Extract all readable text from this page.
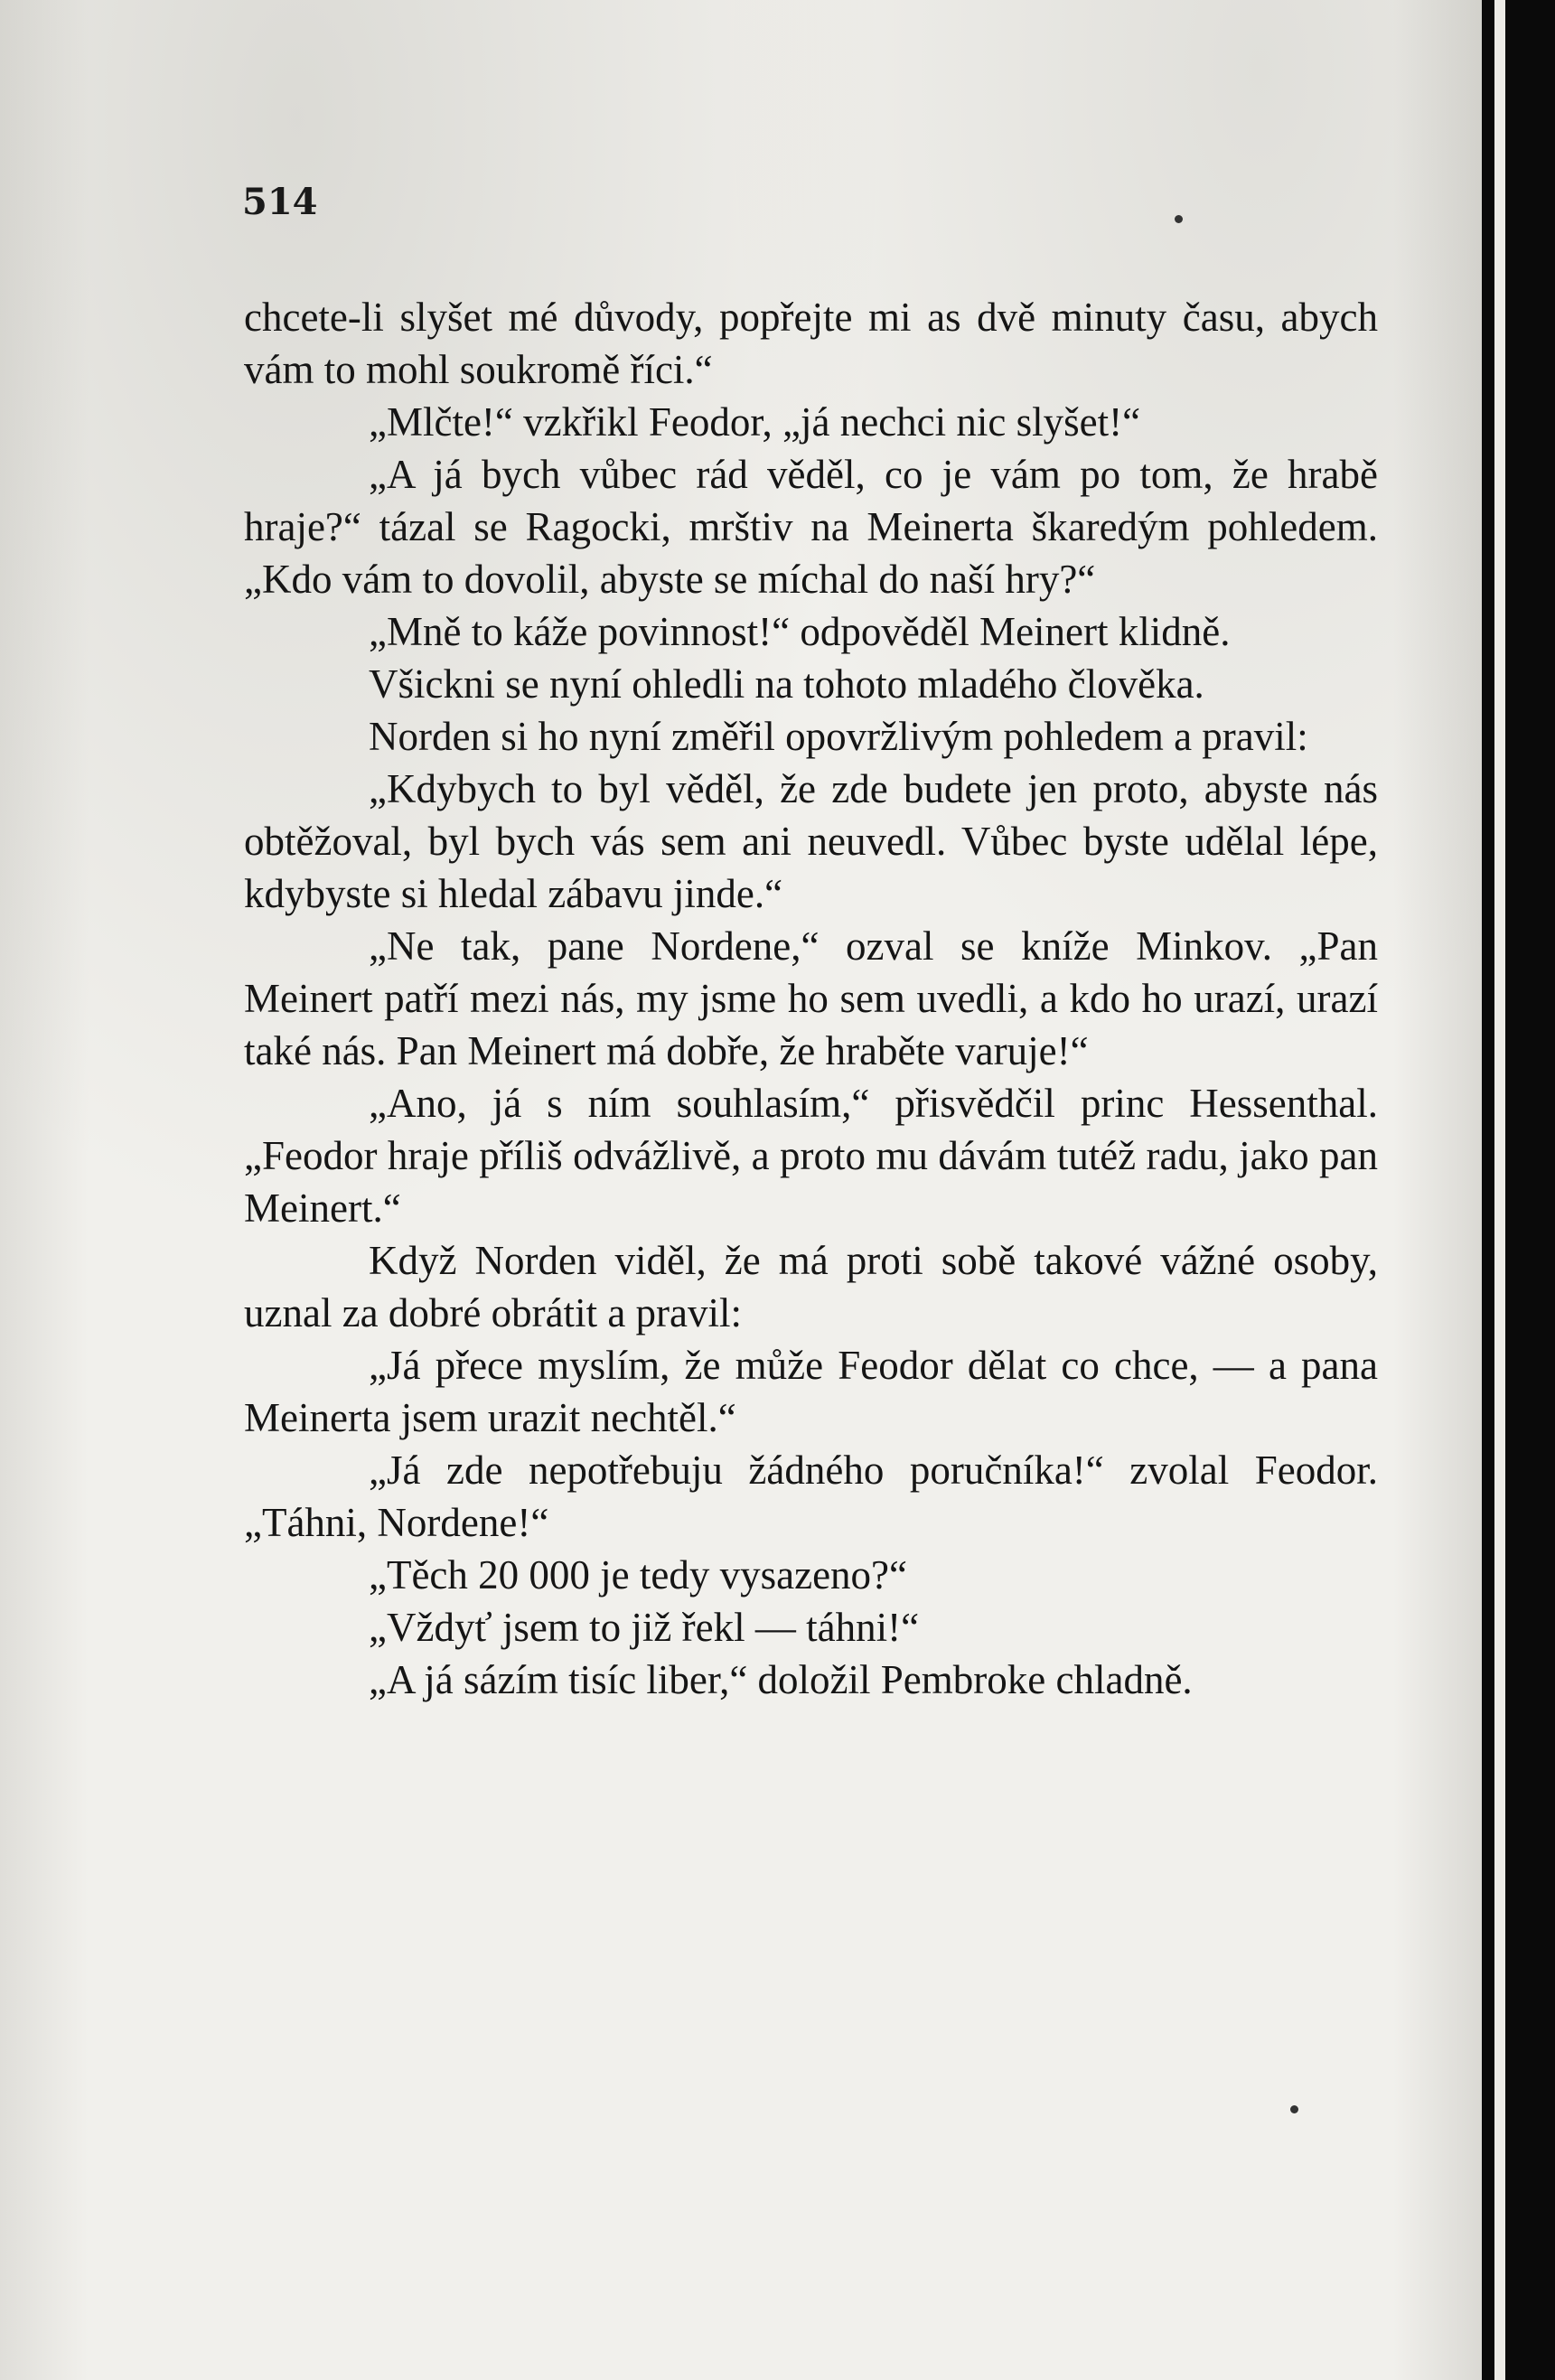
514

chcete-li slyšet mé důvody, popřejte mi as dvě minuty času, abych vám to mohl soukromě říci.“

„Mlčte!“ vzkřikl Feodor, „já nechci nic slyšet!“

„A já bych vůbec rád věděl, co je vám po tom, že hrabě hraje?“ tázal se Ragocki, mrštiv na Meinerta škaredým pohledem. „Kdo vám to dovolil, abyste se míchal do naší hry?“

„Mně to káže povinnost!“ odpověděl Meinert klidně.

Všickni se nyní ohledli na tohoto mladého člověka.

Norden si ho nyní změřil opovržlivým pohledem a pravil:

„Kdybych to byl věděl, že zde budete jen proto, abyste nás obtěžoval, byl bych vás sem ani neuvedl. Vůbec byste udělal lépe, kdybyste si hledal zábavu jinde.“

„Ne tak, pane Nordene,“ ozval se kníže Minkov. „Pan Meinert patří mezi nás, my jsme ho sem uvedli, a kdo ho urazí, urazí také nás. Pan Meinert má dobře, že hraběte varuje!“

„Ano, já s ním souhlasím,“ přisvědčil princ Hessenthal. „Feodor hraje příliš odvážlivě, a proto mu dávám tutéž radu, jako pan Meinert.“

Když Norden viděl, že má proti sobě takové vážné osoby, uznal za dobré obrátit a pravil:

„Já přece myslím, že může Feodor dělat co chce, — a pana Meinerta jsem urazit nechtěl.“

„Já zde nepotřebuju žádného poručníka!“ zvolal Feodor. „Táhni, Nordene!“

„Těch 20 000 je tedy vysazeno?“

„Vždyť jsem to již řekl — táhni!“

„A já sázím tisíc liber,“ doložil Pembroke chladně.
